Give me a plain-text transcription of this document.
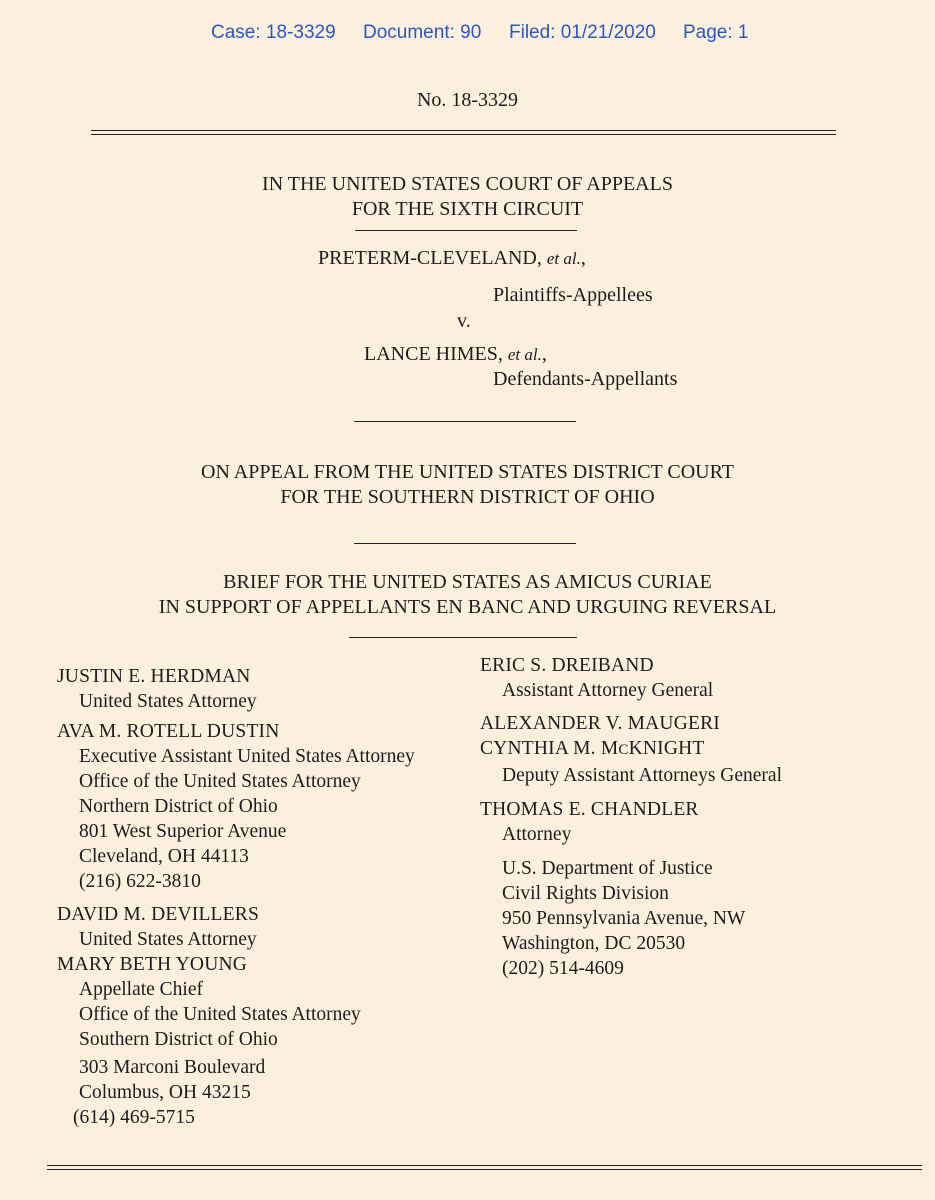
Case: 18-3329 Document: 90 Filed: 01/21/2020 Page: 1
No. 18-3329
IN THE UNITED STATES COURT OF APPEALS
FOR THE SIXTH CIRCUIT
PRETERM-CLEVELAND, et al.,
Plaintiffs-Appellees
v.
LANCE HIMES, et al.,
Defendants-Appellants
ON APPEAL FROM THE UNITED STATES DISTRICT COURT
FOR THE SOUTHERN DISTRICT OF OHIO
BRIEF FOR THE UNITED STATES AS AMICUS CURIAE
IN SUPPORT OF APPELLANTS EN BANC AND URGUING REVERSAL
JUSTIN E. HERDMAN
United States Attorney
AVA M. ROTELL DUSTIN
Executive Assistant United States Attorney
Office of the United States Attorney
Northern District of Ohio
801 West Superior Avenue
Cleveland, OH 44113
(216) 622-3810
DAVID M. DEVILLERS
United States Attorney
MARY BETH YOUNG
Appellate Chief
Office of the United States Attorney
Southern District of Ohio
303 Marconi Boulevard
Columbus, OH 43215
(614) 469-5715
ERIC S. DREIBAND
Assistant Attorney General
ALEXANDER V. MAUGERI
CYNTHIA M. MCKNIGHT
Deputy Assistant Attorneys General
THOMAS E. CHANDLER
Attorney
U.S. Department of Justice
Civil Rights Division
950 Pennsylvania Avenue, NW
Washington, DC 20530
(202) 514-4609
